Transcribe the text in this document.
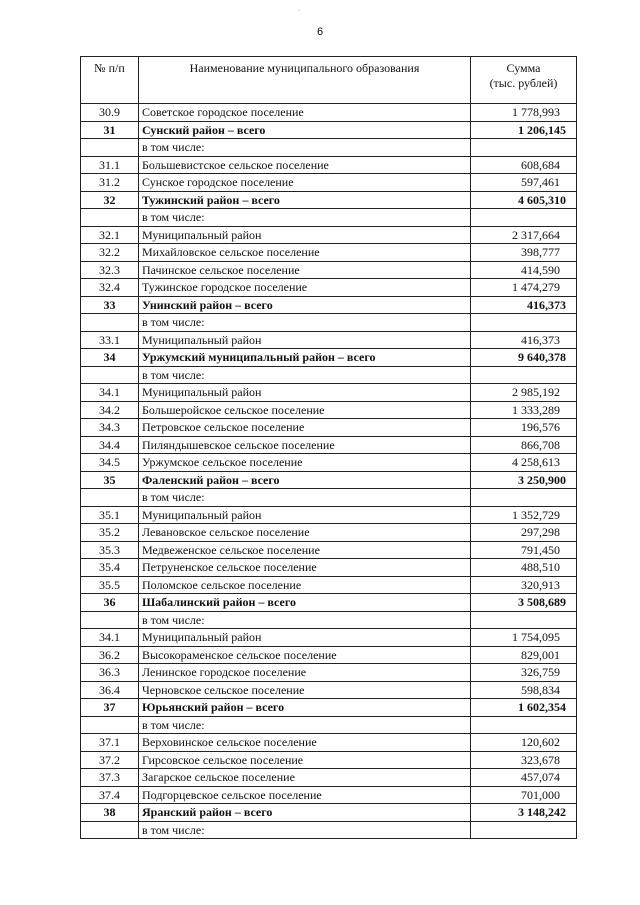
6
·
№ п/п	Наименование муниципального образования	Сумма
(тыс. рублей)
30.9	Советское городское поселение	1 778,993
31	Сунский район – всего	1 206,145
	в том числе:	
31.1	Большевистское сельское поселение	608,684
31.2	Сунское городское поселение	597,461
32	Тужинский район – всего	4 605,310
	в том числе:	
32.1	Муниципальный район	2 317,664
32.2	Михайловское сельское поселение	398,777
32.3	Пачинское сельское поселение	414,590
32.4	Тужинское городское поселение	1 474,279
33	Унинский район – всего	416,373
	в том числе:	
33.1	Муниципальный район	416,373
34	Уржумский муниципальный район – всего	9 640,378
	в том числе:	
34.1	Муниципальный район	2 985,192
34.2	Большеройское сельское поселение	1 333,289
34.3	Петровское сельское поселение	196,576
34.4	Пиляндышевское сельское поселение	866,708
34.5	Уржумское сельское поселение	4 258,613
35	Фаленский район – всего	3 250,900
	в том числе:	
35.1	Муниципальный район	1 352,729
35.2	Левановское сельское поселение	297,298
35.3	Медвеженское сельское поселение	791,450
35.4	Петруненское сельское поселение	488,510
35.5	Поломское сельское поселение	320,913
36	Шабалинский район – всего	3 508,689
	в том числе:	
34.1	Муниципальный район	1 754,095
36.2	Высокораменское сельское поселение	829,001
36.3	Ленинское городское поселение	326,759
36.4	Черновское сельское поселение	598,834
37	Юрьянский район – всего	1 602,354
	в том числе:	
37.1	Верховинское сельское поселение	120,602
37.2	Гирсовское сельское поселение	323,678
37.3	Загарское сельское поселение	457,074
37.4	Подгорцевское сельское поселение	701,000
38	Яранский район – всего	3 148,242
	в том числе:	
